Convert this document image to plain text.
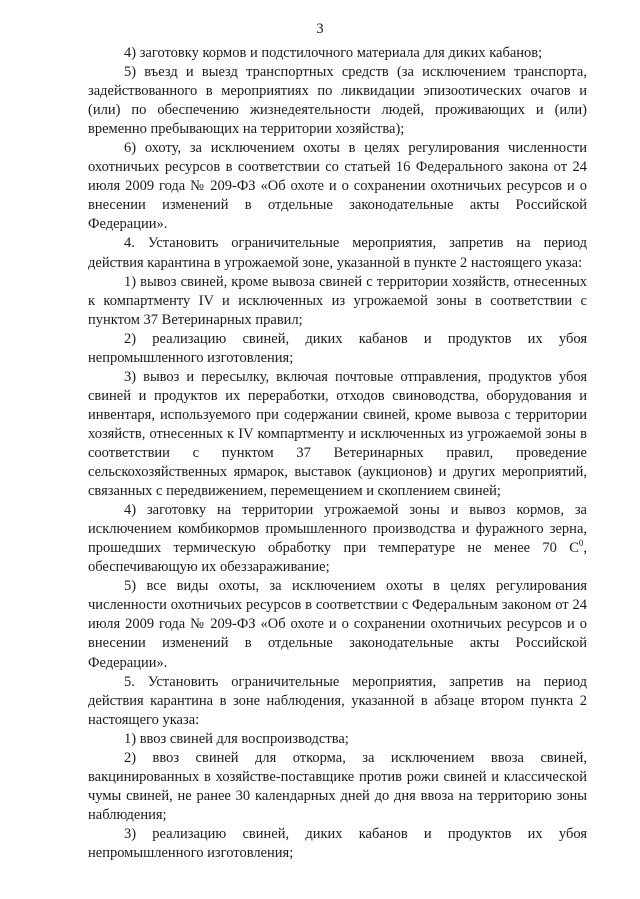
3

4) заготовку кормов и подстилочного материала для диких кабанов;

5) въезд и выезд транспортных средств (за исключением транспорта, задействованного в мероприятиях по ликвидации эпизоотических очагов и (или) по обеспечению жизнедеятельности людей, проживающих и (или) временно пребывающих на территории хозяйства);

6) охоту, за исключением охоты в целях регулирования численности охотничьих ресурсов в соответствии со статьей 16 Федерального закона от 24 июля 2009 года № 209-ФЗ «Об охоте и о сохранении охотничьих ресурсов и о внесении изменений в отдельные законодательные акты Российской Федерации».

4. Установить ограничительные мероприятия, запретив на период действия карантина в угрожаемой зоне, указанной в пункте 2 настоящего указа:

1) вывоз свиней, кроме вывоза свиней с территории хозяйств, отнесенных к компартменту IV и исключенных из угрожаемой зоны в соответствии с пунктом 37 Ветеринарных правил;

2) реализацию свиней, диких кабанов и продуктов их убоя непромышленного изготовления;

3) вывоз и пересылку, включая почтовые отправления, продуктов убоя свиней и продуктов их переработки, отходов свиноводства, оборудования и инвентаря, используемого при содержании свиней, кроме вывоза с территории хозяйств, отнесенных к IV компартменту и исключенных из угрожаемой зоны в соответствии с пунктом 37 Ветеринарных правил, проведение сельскохозяйственных ярмарок, выставок (аукционов) и других мероприятий, связанных с передвижением, перемещением и скоплением свиней;

4) заготовку на территории угрожаемой зоны и вывоз кормов, за исключением комбикормов промышленного производства и фуражного зерна, прошедших термическую обработку при температуре не менее 70 $С^0$, обеспечивающую их обеззараживание;

5) все виды охоты, за исключением охоты в целях регулирования численности охотничьих ресурсов в соответствии с Федеральным законом от 24 июля 2009 года № 209-ФЗ «Об охоте и о сохранении охотничьих ресурсов и о внесении изменений в отдельные законодательные акты Российской Федерации».

5. Установить ограничительные мероприятия, запретив на период действия карантина в зоне наблюдения, указанной в абзаце втором пункта 2 настоящего указа:

1) ввоз свиней для воспроизводства;

2) ввоз свиней для откорма, за исключением ввоза свиней, вакцинированных в хозяйстве-поставщике против рожи свиней и классической чумы свиней, не ранее 30 календарных дней до дня ввоза на территорию зоны наблюдения;

3) реализацию свиней, диких кабанов и продуктов их убоя непромышленного изготовления;
